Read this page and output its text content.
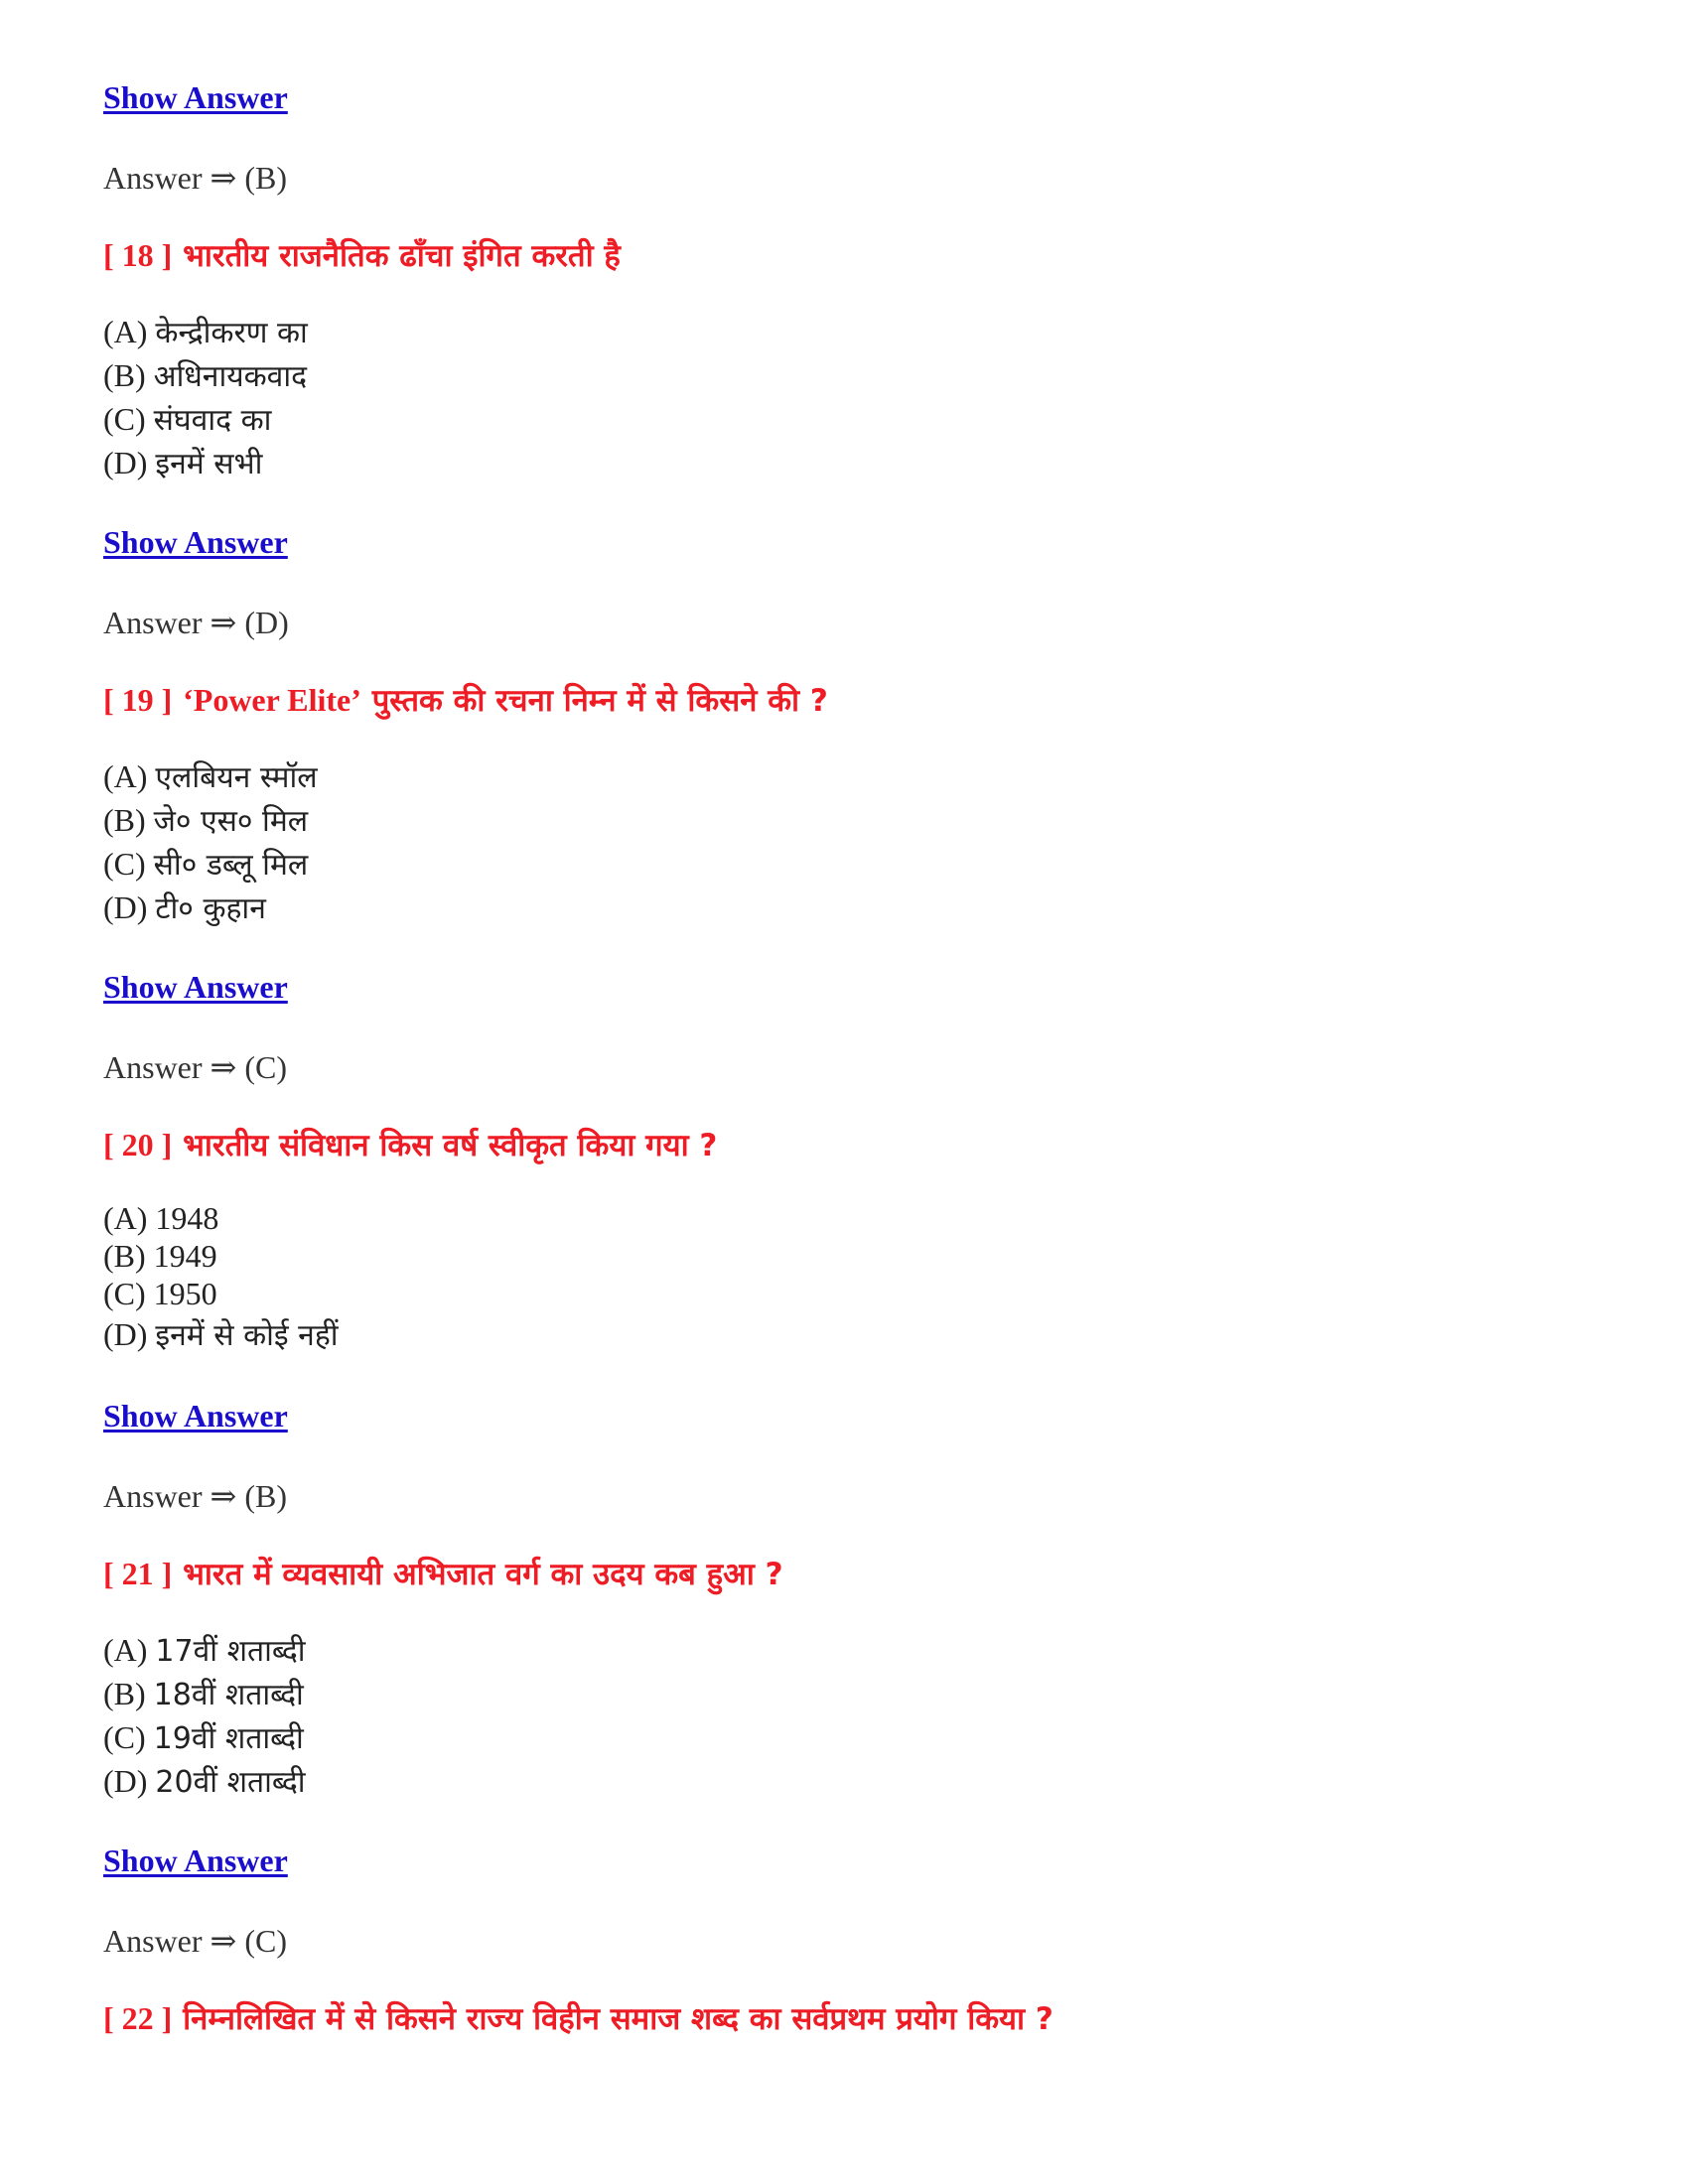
Show Answer
Answer ⇒ (B)
[ 18 ] भारतीय राजनैतिक ढाँचा इंगित करती है
(A) केन्द्रीकरण का
(B) अधिनायकवाद
(C) संघवाद का
(D) इनमें सभी
Show Answer
Answer ⇒ (D)
[ 19 ] ‘Power Elite’ पुस्तक की रचना निम्न में से किसने की ?
(A) एलबियन स्मॉल
(B) जे० एस० मिल
(C) सी० डब्लू मिल
(D) टी० कुहान
Show Answer
Answer ⇒ (C)
[ 20 ] भारतीय संविधान किस वर्ष स्वीकृत किया गया ?
(A) 1948
(B) 1949
(C) 1950
(D) इनमें से कोई नहीं
Show Answer
Answer ⇒ (B)
[ 21 ] भारत में व्यवसायी अभिजात वर्ग का उदय कब हुआ ?
(A) 17वीं शताब्दी
(B) 18वीं शताब्दी
(C) 19वीं शताब्दी
(D) 20वीं शताब्दी
Show Answer
Answer ⇒ (C)
[ 22 ] निम्नलिखित में से किसने राज्य विहीन समाज शब्द का सर्वप्रथम प्रयोग किया ?
